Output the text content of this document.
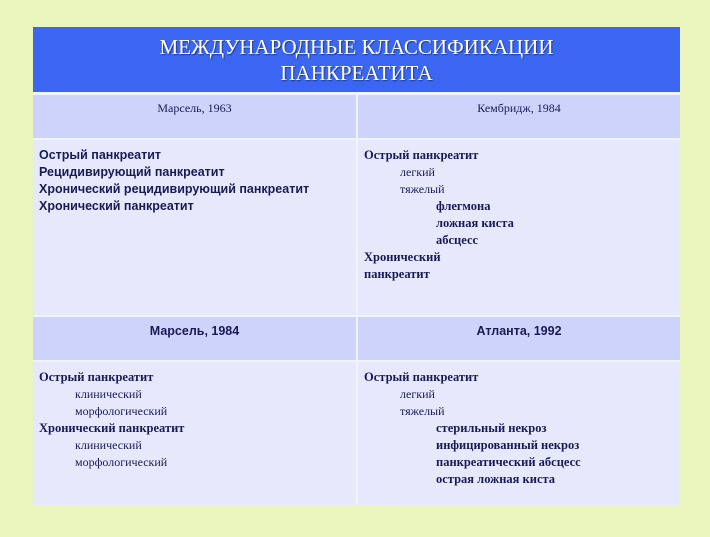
МЕЖДУНАРОДНЫЕ КЛАССИФИКАЦИИ
ПАНКРЕАТИТА
Марсель, 1963	Кембридж, 1984
Острый панкреатит
Рецидивирующий панкреатит
Хронический рецидивирующий панкреатит
Хронический панкреатит
Острый панкреатит
легкий
тяжелый
флегмона
ложная киста
абсцесс
Хронический
панкреатит
Марсель, 1984	Атланта, 1992
Острый панкреатит
клинический
морфологический
Хронический панкреатит
клинический
морфологический
Острый панкреатит
легкий
тяжелый
стерильный некроз
инфицированный некроз
панкреатический абсцесс
острая ложная киста
